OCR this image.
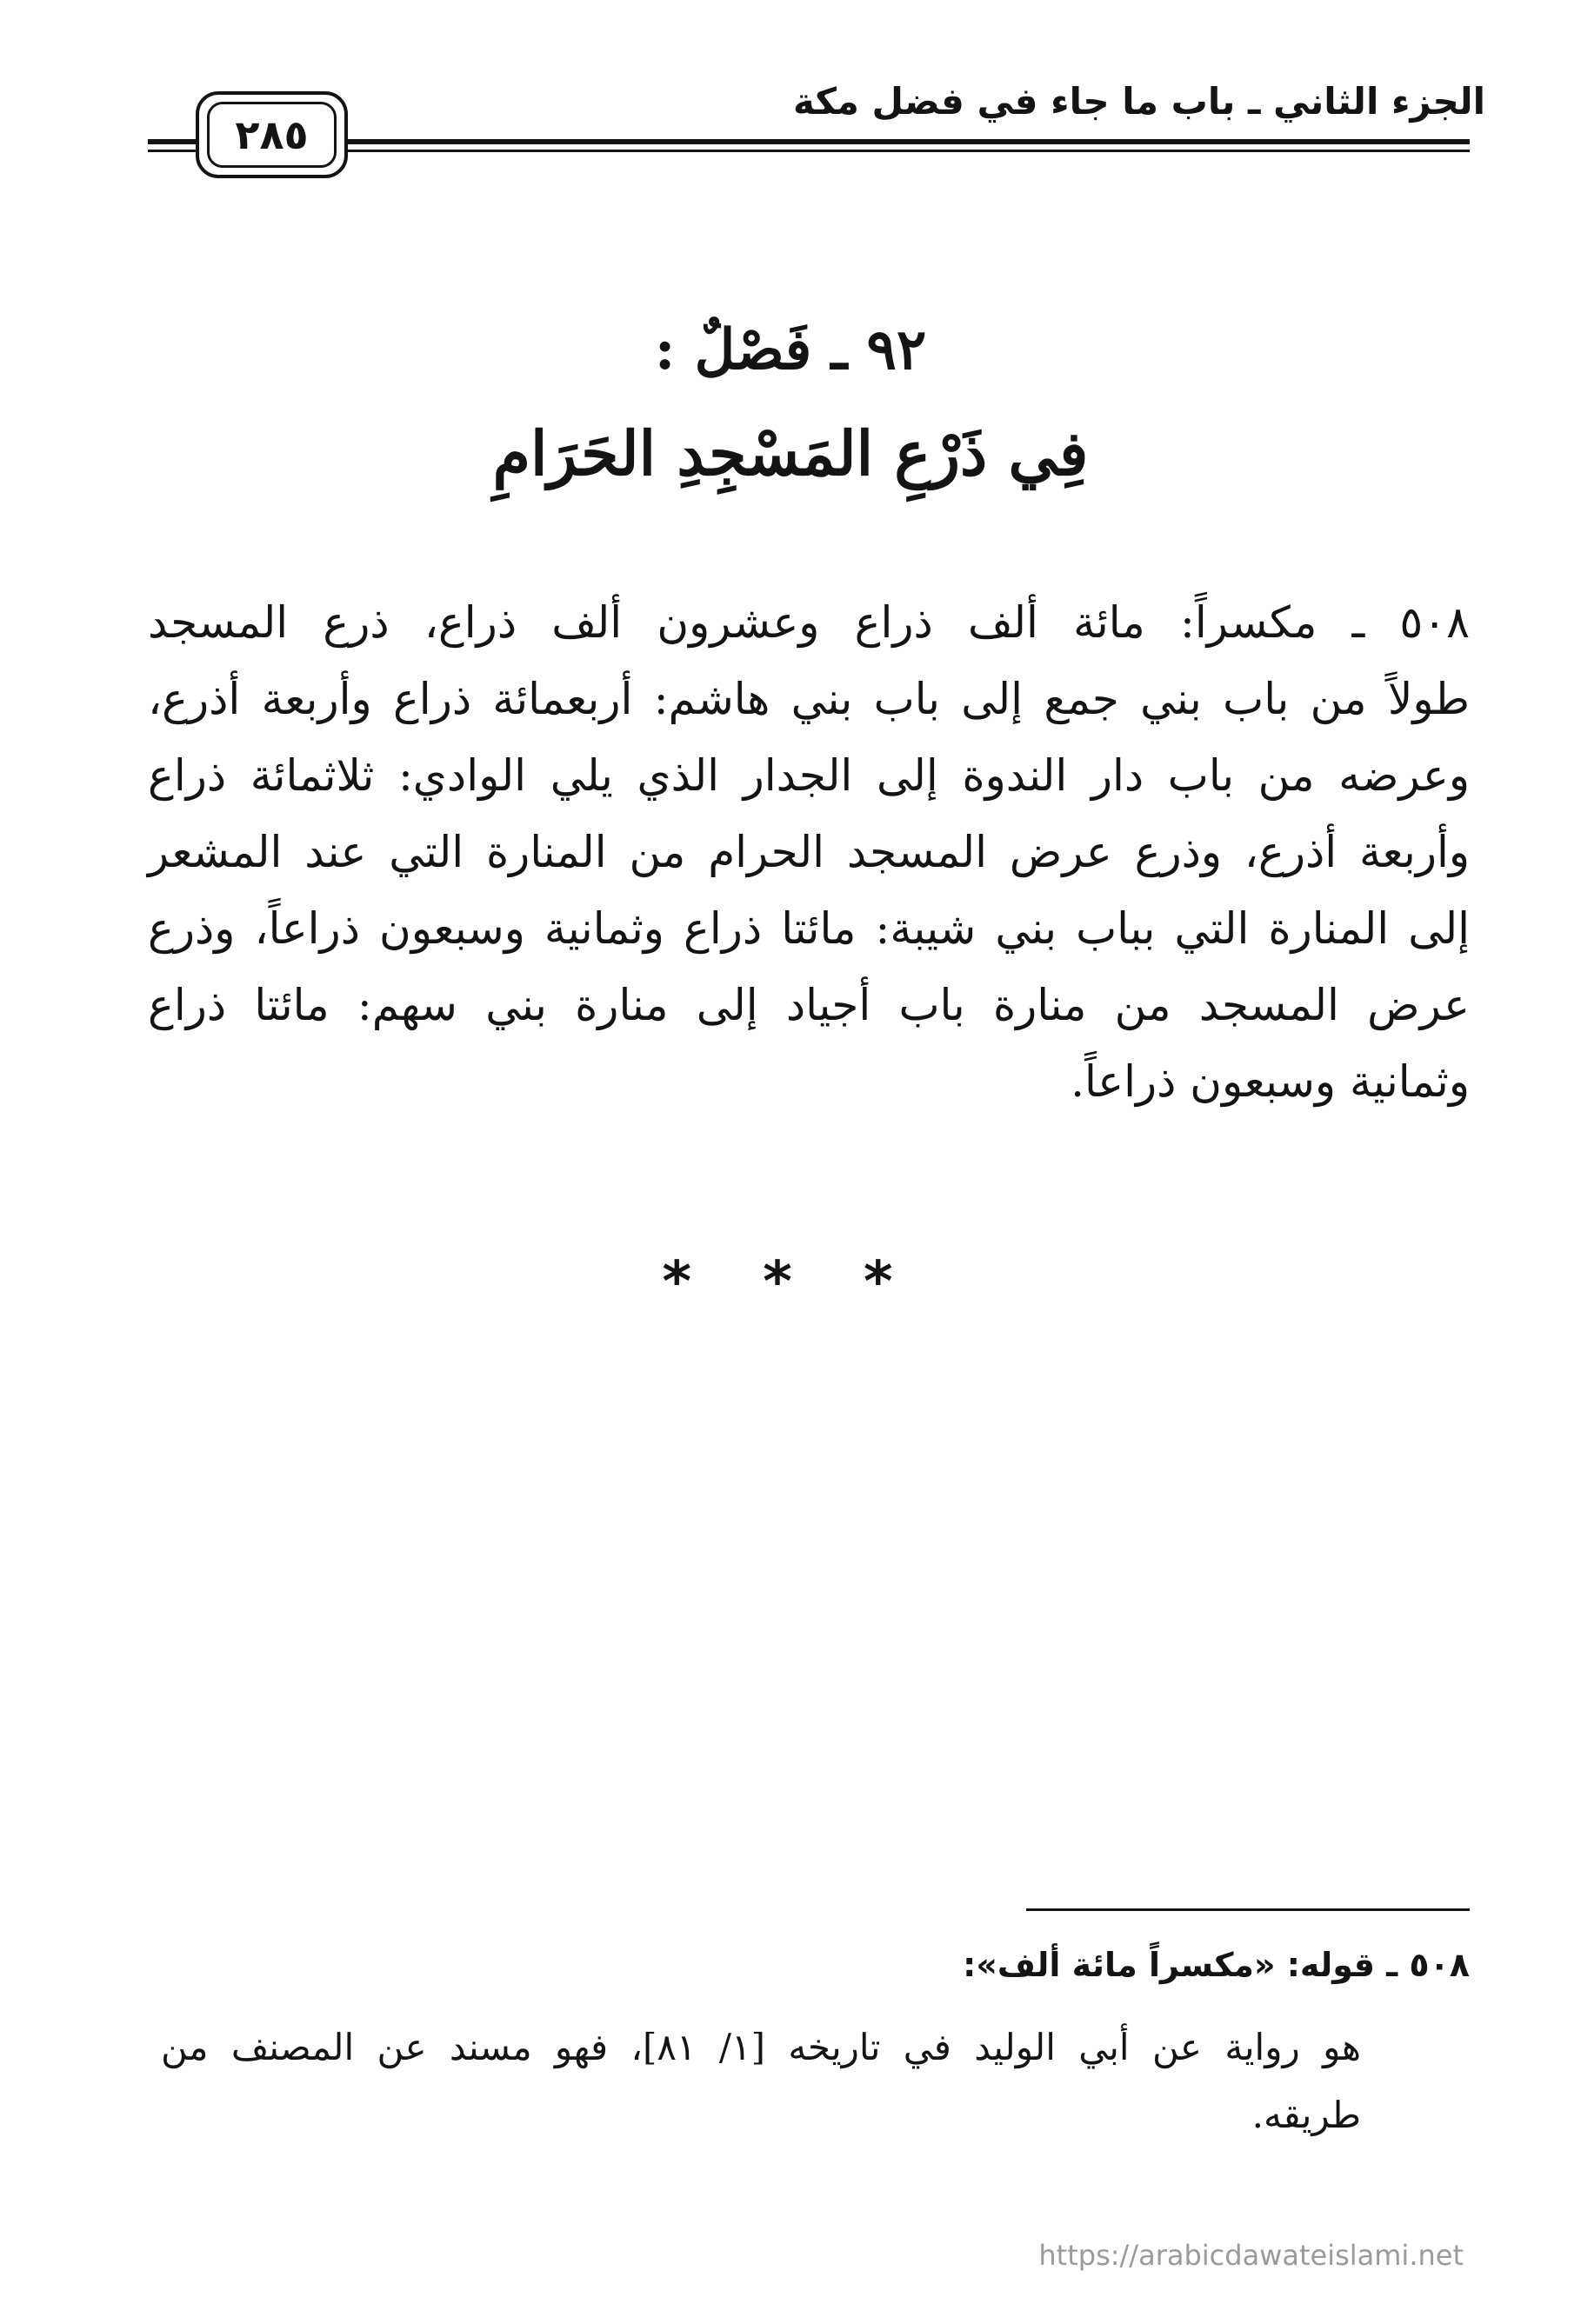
الجزء الثاني ـ باب ما جاء في فضل مكة
٢٨٥
٩٢ ـ فَصْلٌ :
فِي ذَرْعِ المَسْجِدِ الحَرَامِ
٥٠٨ ـ مكسراً: مائة ألف ذراع وعشرون ألف ذراع، ذرع المسجد
طولاً من باب بني جمع إلى باب بني هاشم: أربعمائة ذراع وأربعة أذرع،
وعرضه من باب دار الندوة إلى الجدار الذي يلي الوادي: ثلاثمائة ذراع
وأربعة أذرع، وذرع عرض المسجد الحرام من المنارة التي عند المشعر
إلى المنارة التي بباب بني شيبة: مائتا ذراع وثمانية وسبعون ذراعاً، وذرع
عرض المسجد من منارة باب أجياد إلى منارة بني سهم: مائتا ذراع
وثمانية وسبعون ذراعاً.
* * *
٥٠٨ ـ قوله: «مكسراً مائة ألف»:
هو رواية عن أبي الوليد في تاريخه [١/ ٨١]، فهو مسند عن المصنف من
طريقه.
https://arabicdawateislami.net
